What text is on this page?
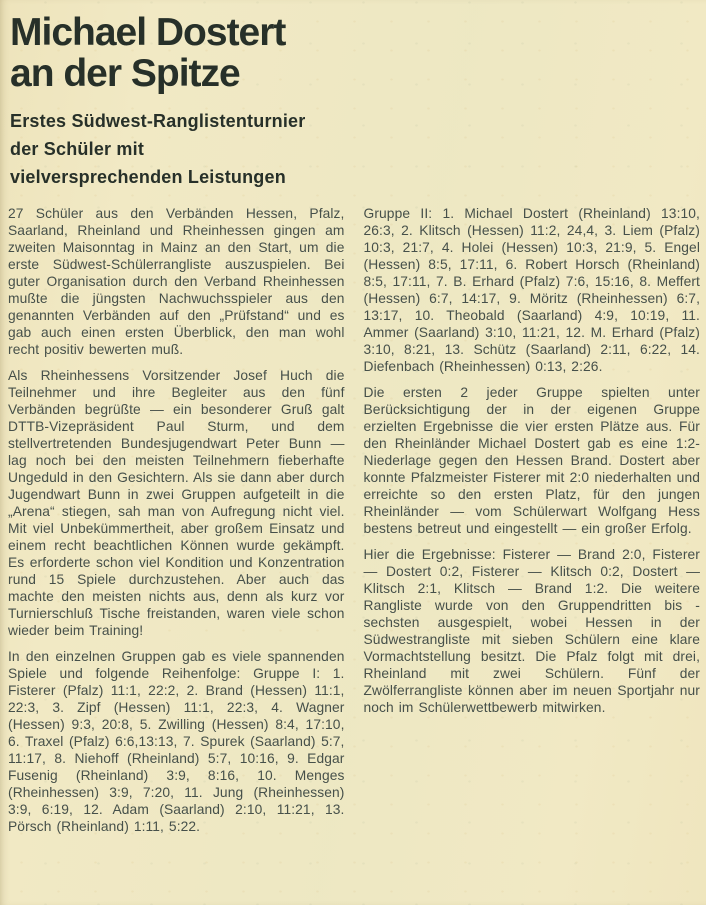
Michael Dostert
an der Spitze
Erstes Südwest-Ranglistenturnier
der Schüler mit
vielversprechenden Leistungen

27 Schüler aus den Verbänden Hessen, Pfalz, Saarland, Rheinland und Rheinhessen gingen am zweiten Maisonntag in Mainz an den Start, um die erste Südwest-Schülerrangliste auszuspielen. Bei guter Organisation durch den Verband Rheinhessen mußte die jüngsten Nachwuchsspieler aus den genannten Verbänden auf den „Prüfstand“ und es gab auch einen ersten Überblick, den man wohl recht positiv bewerten muß.

Als Rheinhessens Vorsitzender Josef Huch die Teilnehmer und ihre Begleiter aus den fünf Verbänden begrüßte — ein besonderer Gruß galt DTTB-Vizepräsident Paul Sturm, und dem stellvertretenden Bundesjugendwart Peter Bunn — lag noch bei den meisten Teilnehmern fieberhafte Ungeduld in den Gesichtern. Als sie dann aber durch Jugendwart Bunn in zwei Gruppen aufgeteilt in die „Arena“ stiegen, sah man von Aufregung nicht viel. Mit viel Unbekümmertheit, aber großem Einsatz und einem recht beachtlichen Können wurde gekämpft. Es erforderte schon viel Kondition und Konzentration rund 15 Spiele durchzustehen. Aber auch das machte den meisten nichts aus, denn als kurz vor Turnierschluß Tische freistanden, waren viele schon wieder beim Training!

In den einzelnen Gruppen gab es viele spannenden Spiele und folgende Reihenfolge: Gruppe I: 1. Fisterer (Pfalz) 11:1, 22:2, 2. Brand (Hessen) 11:1, 22:3, 3. Zipf (Hessen) 11:1, 22:3, 4. Wagner (Hessen) 9:3, 20:8, 5. Zwilling (Hessen) 8:4, 17:10, 6. Traxel (Pfalz) 6:6,13:13, 7. Spurek (Saarland) 5:7, 11:17, 8. Niehoff (Rheinland) 5:7, 10:16, 9. Edgar Fusenig (Rheinland) 3:9, 8:16, 10. Menges (Rheinhessen) 3:9, 7:20, 11. Jung (Rheinhessen) 3:9, 6:19, 12. Adam (Saarland) 2:10, 11:21, 13. Pörsch (Rheinland) 1:11, 5:22.

Gruppe II: 1. Michael Dostert (Rheinland) 13:10, 26:3, 2. Klitsch (Hessen) 11:2, 24,4, 3. Liem (Pfalz) 10:3, 21:7, 4. Holei (Hessen) 10:3, 21:9, 5. Engel (Hessen) 8:5, 17:11, 6. Robert Horsch (Rheinland) 8:5, 17:11, 7. B. Erhard (Pfalz) 7:6, 15:16, 8. Meffert (Hessen) 6:7, 14:17, 9. Möritz (Rheinhessen) 6:7, 13:17, 10. Theobald (Saarland) 4:9, 10:19, 11. Ammer (Saarland) 3:10, 11:21, 12. M. Erhard (Pfalz) 3:10, 8:21, 13. Schütz (Saarland) 2:11, 6:22, 14. Diefenbach (Rheinhessen) 0:13, 2:26.

Die ersten 2 jeder Gruppe spielten unter Berücksichtigung der in der eigenen Gruppe erzielten Ergebnisse die vier ersten Plätze aus. Für den Rheinländer Michael Dostert gab es eine 1:2-Niederlage gegen den Hessen Brand. Dostert aber konnte Pfalzmeister Fisterer mit 2:0 niederhalten und erreichte so den ersten Platz, für den jungen Rheinländer — vom Schülerwart Wolfgang Hess bestens betreut und eingestellt — ein großer Erfolg.

Hier die Ergebnisse: Fisterer — Brand 2:0, Fisterer — Dostert 0:2, Fisterer — Klitsch 0:2, Dostert — Klitsch 2:1, Klitsch — Brand 1:2. Die weitere Rangliste wurde von den Gruppendritten bis -sechsten ausgespielt, wobei Hessen in der Südwestrangliste mit sieben Schülern eine klare Vormachtstellung besitzt. Die Pfalz folgt mit drei, Rheinland mit zwei Schülern. Fünf der Zwölferrangliste können aber im neuen Sportjahr nur noch im Schülerwettbewerb mitwirken.
